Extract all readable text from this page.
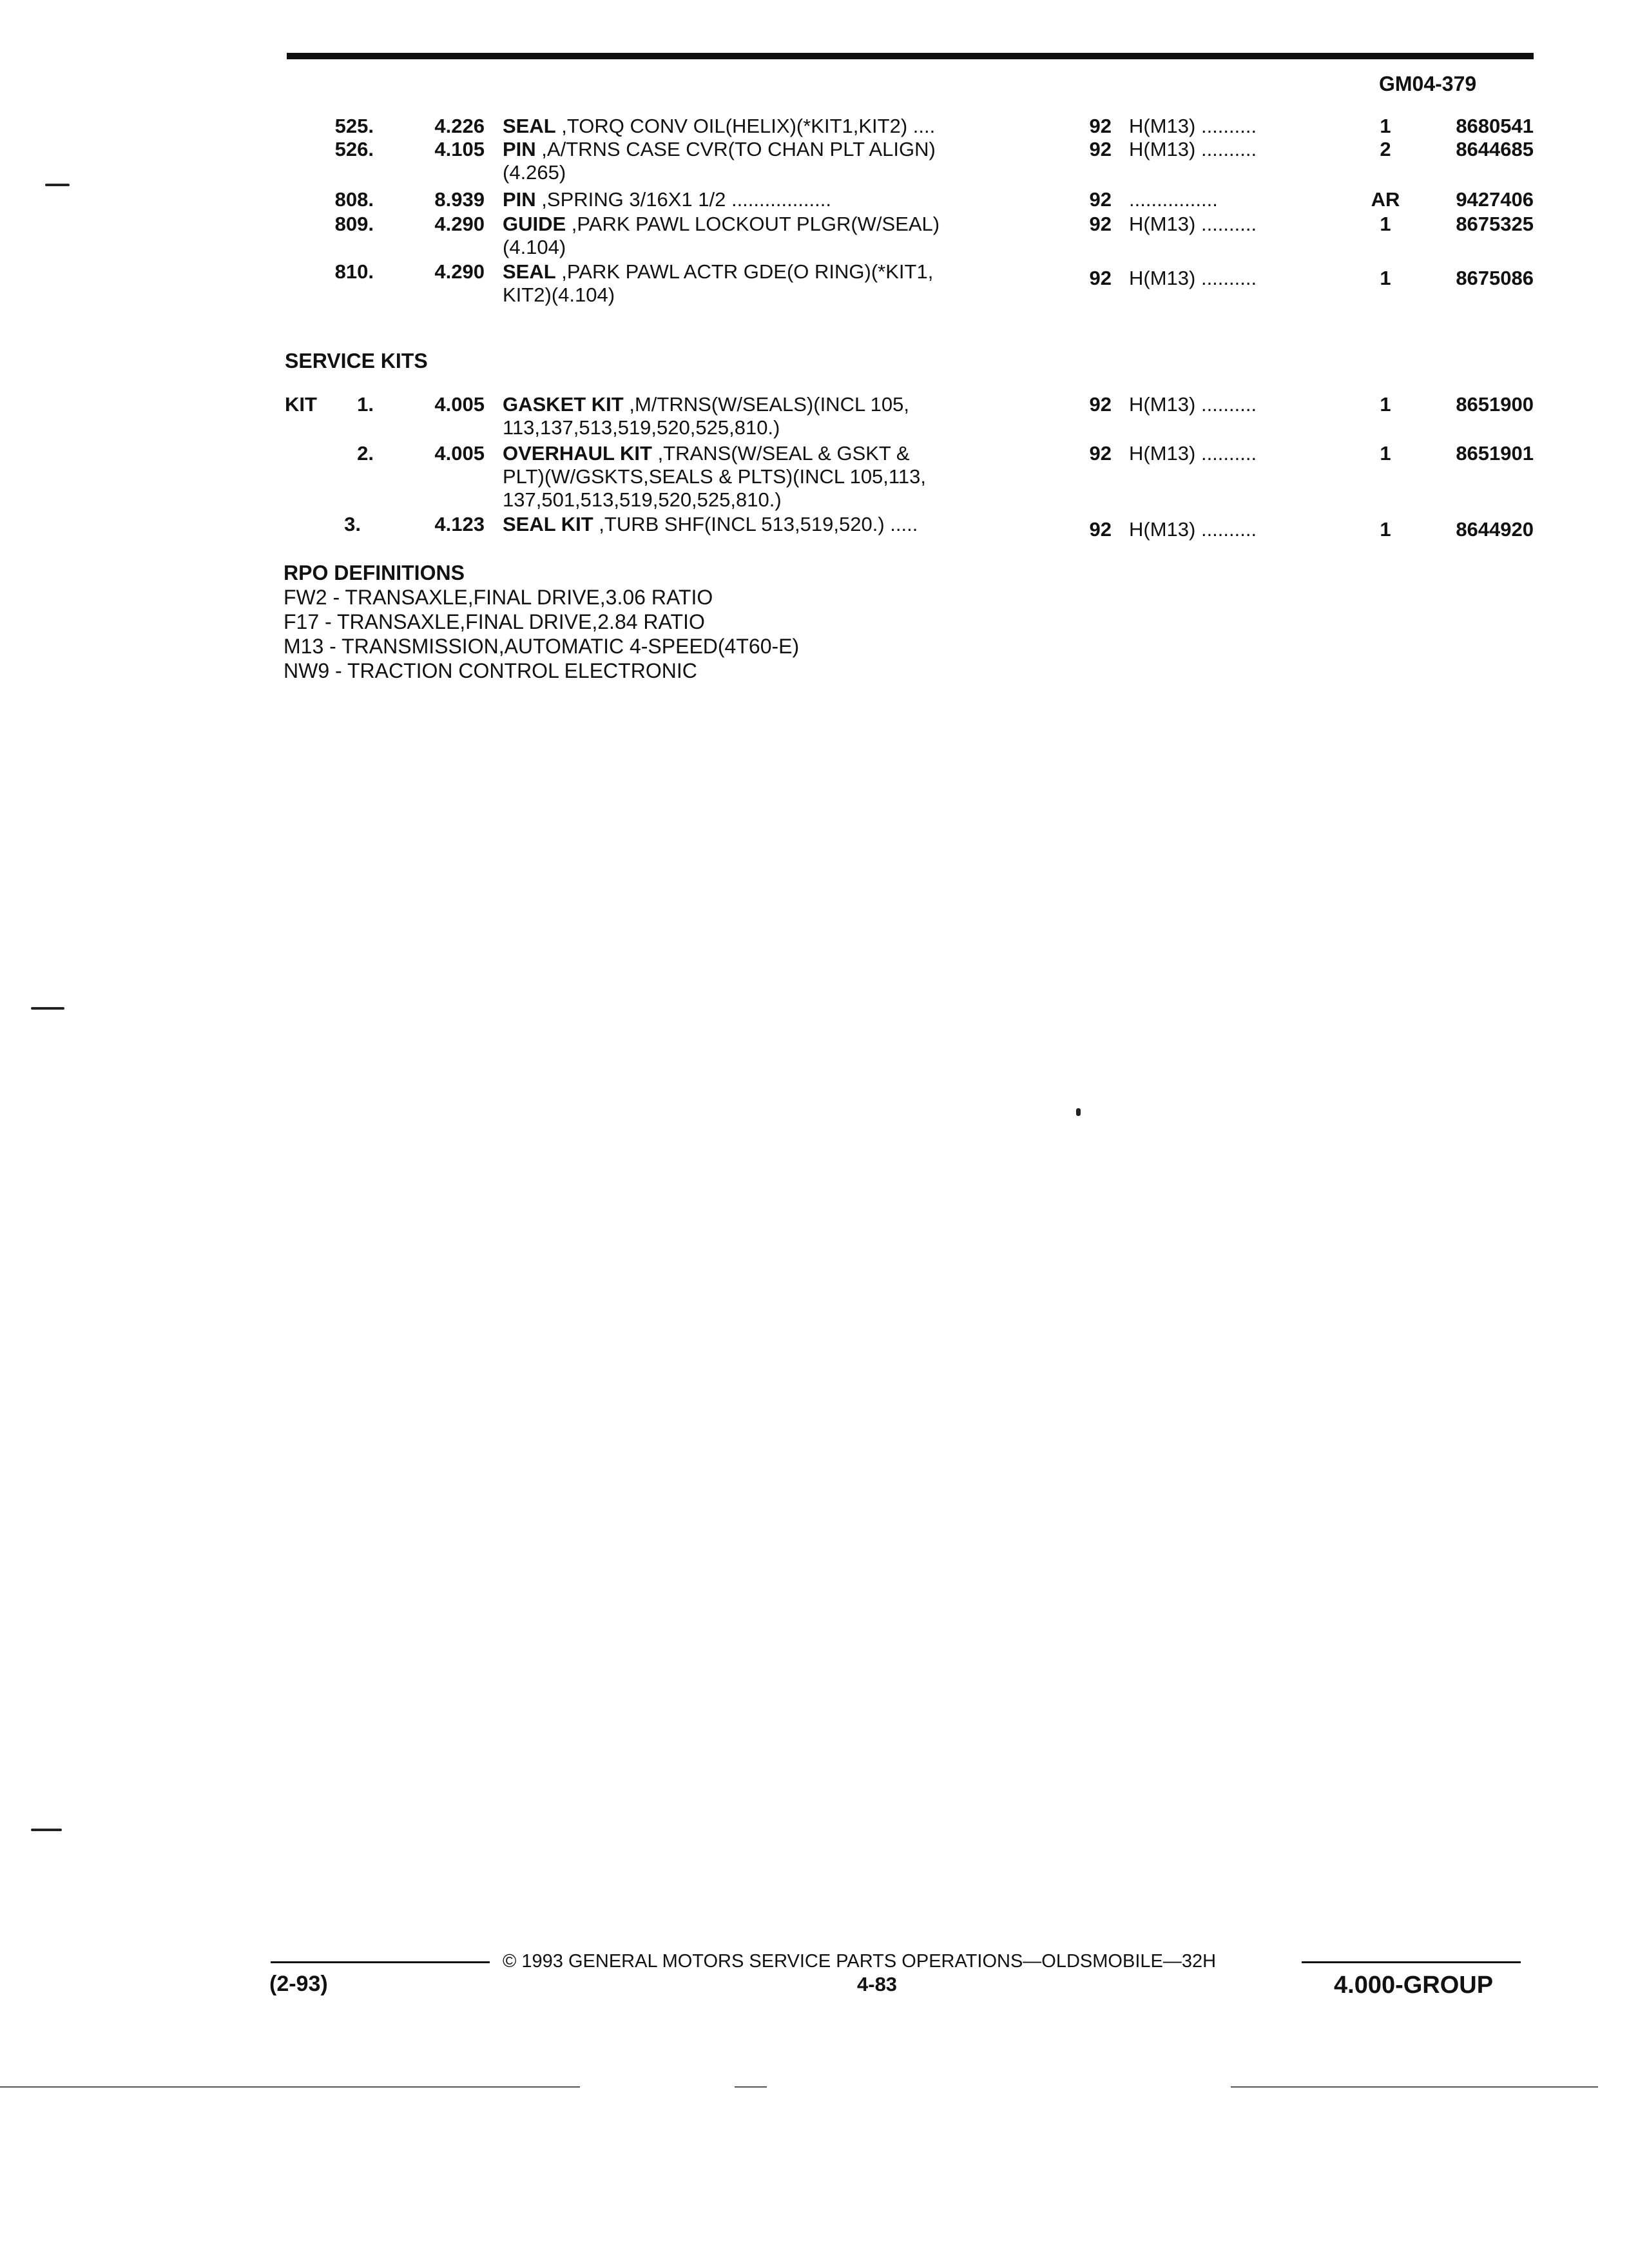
GM04-379
525.	4.226 SEAL ,TORQ CONV OIL(HELIX)(*KIT1,KIT2) ....	92 H(M13) ..........	1	8680541
526.	4.105 PIN ,A/TRNS CASE CVR(TO CHAN PLT ALIGN)
(4.265)
92 H(M13) ..........	2	8644685
808.	8.939 PIN ,SPRING 3/16X1 1/2 ..................	92 ................	AR	9427406
809.	4.290 GUIDE ,PARK PAWL LOCKOUT PLGR(W/SEAL)
(4.104)
92 H(M13) ..........	1	8675325
810.	4.290 SEAL ,PARK PAWL ACTR GDE(O RING)(*KIT1,
KIT2)(4.104)
92 H(M13) ..........	1	8675086
SERVICE KITS
KIT	1.	4.005 GASKET KIT ,M/TRNS(W/SEALS)(INCL 105,
113,137,513,519,520,525,810.)
92 H(M13) ..........	1	8651900
2.	4.005 OVERHAUL KIT ,TRANS(W/SEAL & GSKT &
PLT)(W/GSKTS,SEALS & PLTS)(INCL 105,113,
137,501,513,519,520,525,810.)
92 H(M13) ..........	1	8651901
3.	4.123 SEAL KIT ,TURB SHF(INCL 513,519,520.) .....	92 H(M13) ..........	1	8644920
RPO DEFINITIONS
FW2 - TRANSAXLE,FINAL DRIVE,3.06 RATIO
F17 - TRANSAXLE,FINAL DRIVE,2.84 RATIO
M13 - TRANSMISSION,AUTOMATIC 4-SPEED(4T60-E)
NW9 - TRACTION CONTROL ELECTRONIC
© 1993 GENERAL MOTORS SERVICE PARTS OPERATIONS—OLDSMOBILE—32H
(2-93)	4-83	4.000-GROUP
